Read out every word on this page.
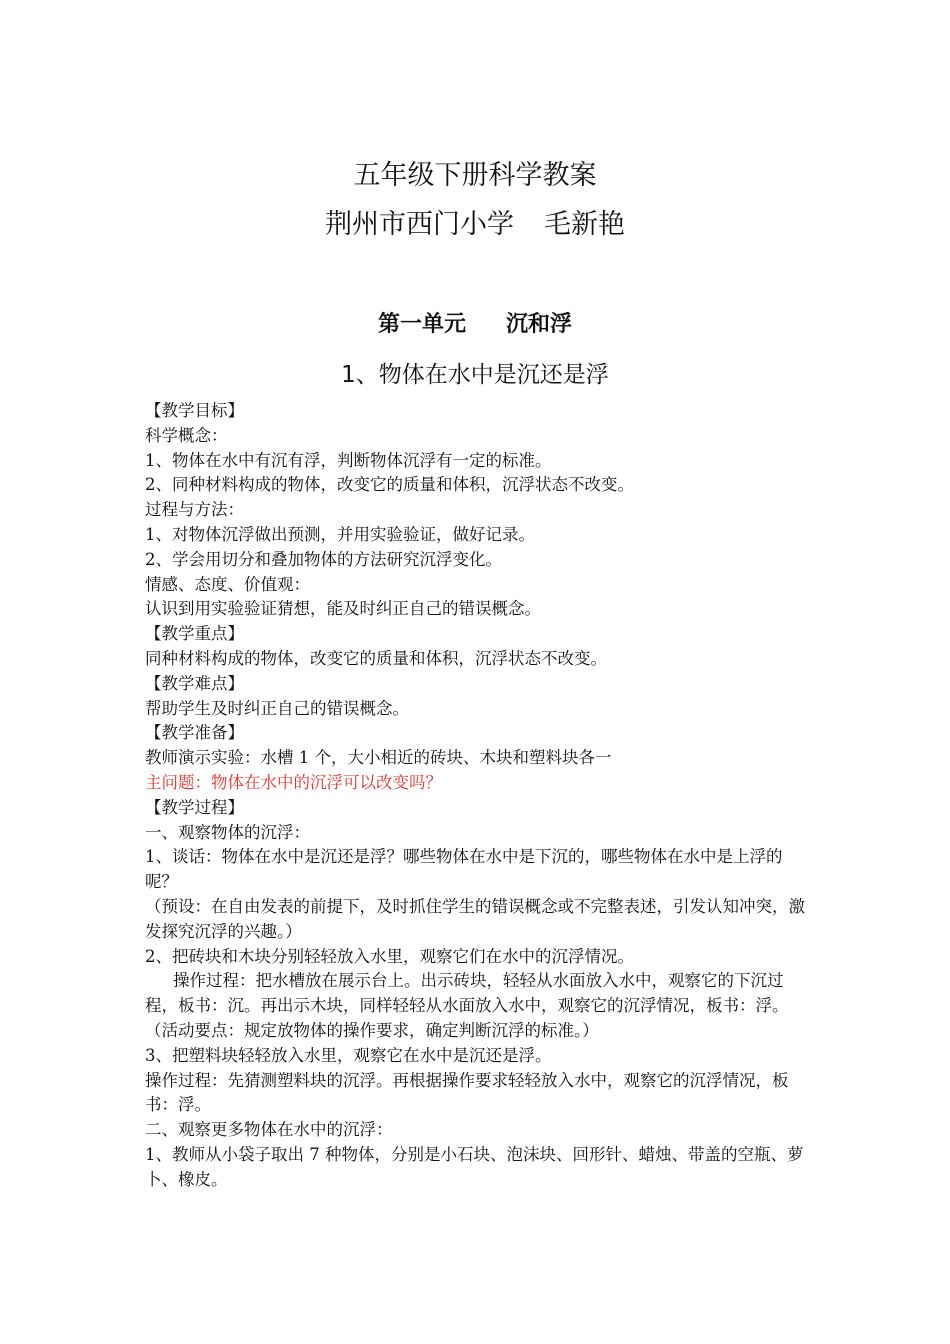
五年级下册科学教案
荆州市西门小学 毛新艳
第一单元 沉和浮
1、物体在水中是沉还是浮

【教学目标】

科学概念：

1、物体在水中有沉有浮，判断物体沉浮有一定的标准。

2、同种材料构成的物体，改变它的质量和体积，沉浮状态不改变。

过程与方法：

1、对物体沉浮做出预测，并用实验验证，做好记录。

2、学会用切分和叠加物体的方法研究沉浮变化。

情感、态度、价值观：

认识到用实验验证猜想，能及时纠正自己的错误概念。

【教学重点】

同种材料构成的物体，改变它的质量和体积，沉浮状态不改变。

【教学难点】

帮助学生及时纠正自己的错误概念。

【教学准备】

教师演示实验：水槽 1 个，大小相近的砖块、木块和塑料块各一

主问题：物体在水中的沉浮可以改变吗？

【教学过程】

一、观察物体的沉浮：

1、谈话：物体在水中是沉还是浮？哪些物体在水中是下沉的，哪些物体在水中是上浮的呢？

（预设：在自由发表的前提下，及时抓住学生的错误概念或不完整表述，引发认知冲突，激发探究沉浮的兴趣。）

2、把砖块和木块分别轻轻放入水里，观察它们在水中的沉浮情况。

操作过程：把水槽放在展示台上。出示砖块，轻轻从水面放入水中，观察它的下沉过程，板书：沉。再出示木块，同样轻轻从水面放入水中，观察它的沉浮情况，板书：浮。

（活动要点：规定放物体的操作要求，确定判断沉浮的标准。）

3、把塑料块轻轻放入水里，观察它在水中是沉还是浮。

操作过程：先猜测塑料块的沉浮。再根据操作要求轻轻放入水中，观察它的沉浮情况，板书：浮。

二、观察更多物体在水中的沉浮：

1、教师从小袋子取出 7 种物体，分别是小石块、泡沫块、回形针、蜡烛、带盖的空瓶、萝卜、橡皮。
